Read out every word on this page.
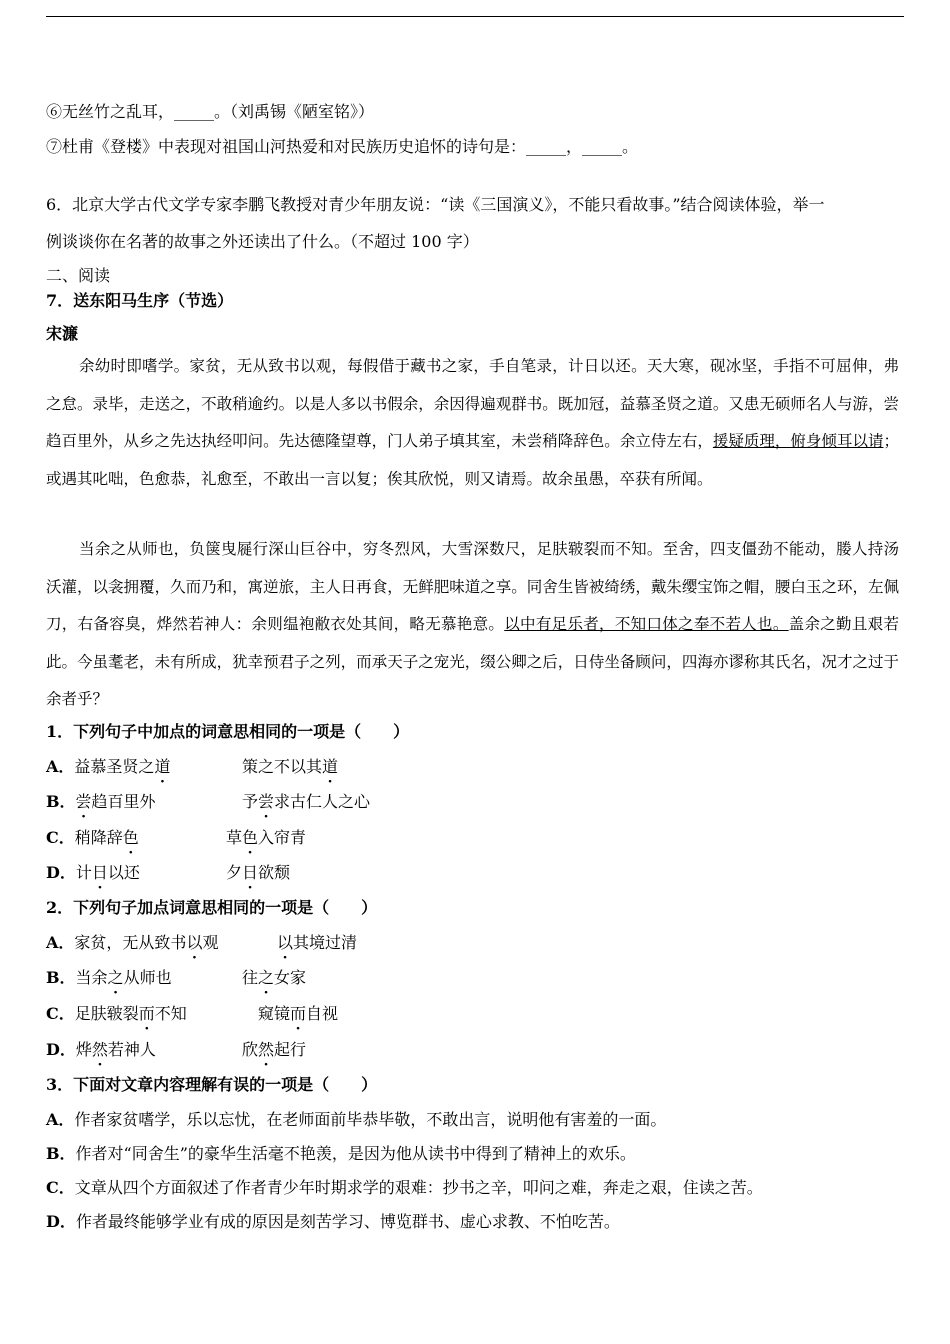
⑥无丝竹之乱耳，_____。（刘禹锡《陋室铭》）
⑦杜甫《登楼》中表现对祖国山河热爱和对民族历史追怀的诗句是：_____，_____。
6．北京大学古代文学专家李鹏飞教授对青少年朋友说：“读《三国演义》，不能只看故事。”结合阅读体验，举一
例谈谈你在名著的故事之外还读出了什么。（不超过 100 字）
二、阅读
7．送东阳马生序（节选）
宋濂
余幼时即嗜学。家贫，无从致书以观，每假借于藏书之家，手自笔录，计日以还。天大寒，砚冰坚，手指不可屈伸，弗之怠。录毕，走送之，不敢稍逾约。以是人多以书假余，余因得遍观群书。既加冠，益慕圣贤之道。又患无硕师名人与游，尝趋百里外，从乡之先达执经叩问。先达德隆望尊，门人弟子填其室，未尝稍降辞色。余立侍左右，援疑质理，俯身倾耳以请；或遇其叱咄，色愈恭，礼愈至，不敢出一言以复；俟其欣悦，则又请焉。故余虽愚，卒获有所闻。
当余之从师也，负箧曳屣行深山巨谷中，穷冬烈风，大雪深数尺，足肤皲裂而不知。至舍，四支僵劲不能动，媵人持汤沃灌，以衾拥覆，久而乃和，寓逆旅，主人日再食，无鲜肥味道之享。同舍生皆被绮绣，戴朱缨宝饰之帽，腰白玉之环，左佩刀，右备容臭，烨然若神人：余则缊袍敝衣处其间，略无慕艳意。以中有足乐者，不知口体之奉不若人也。盖余之勤且艰若此。今虽耄老，未有所成，犹幸预君子之列，而承天子之宠光，缀公卿之后，日侍坐备顾问，四海亦谬称其氏名，况才之过于余者乎？
1．下列句子中加点的词意思相同的一项是（　　）
A．益慕圣贤之道	策之不以其道
B．尝趋百里外	予尝求古仁人之心
C．稍降辞色	草色入帘青
D．计日以还	夕日欲颓
2．下列句子加点词意思相同的一项是（　　）
A．家贫，无从致书以观	以其境过清
B．当余之从师也	往之女家
C．足肤皲裂而不知	窥镜而自视
D．烨然若神人	欣然起行
3．下面对文章内容理解有误的一项是（　　）
A．作者家贫嗜学，乐以忘忧，在老师面前毕恭毕敬，不敢出言，说明他有害羞的一面。
B．作者对“同舍生”的豪华生活毫不艳羡，是因为他从读书中得到了精神上的欢乐。
C．文章从四个方面叙述了作者青少年时期求学的艰难：抄书之辛，叩问之难，奔走之艰，住读之苦。
D．作者最终能够学业有成的原因是刻苦学习、博览群书、虚心求教、不怕吃苦。
